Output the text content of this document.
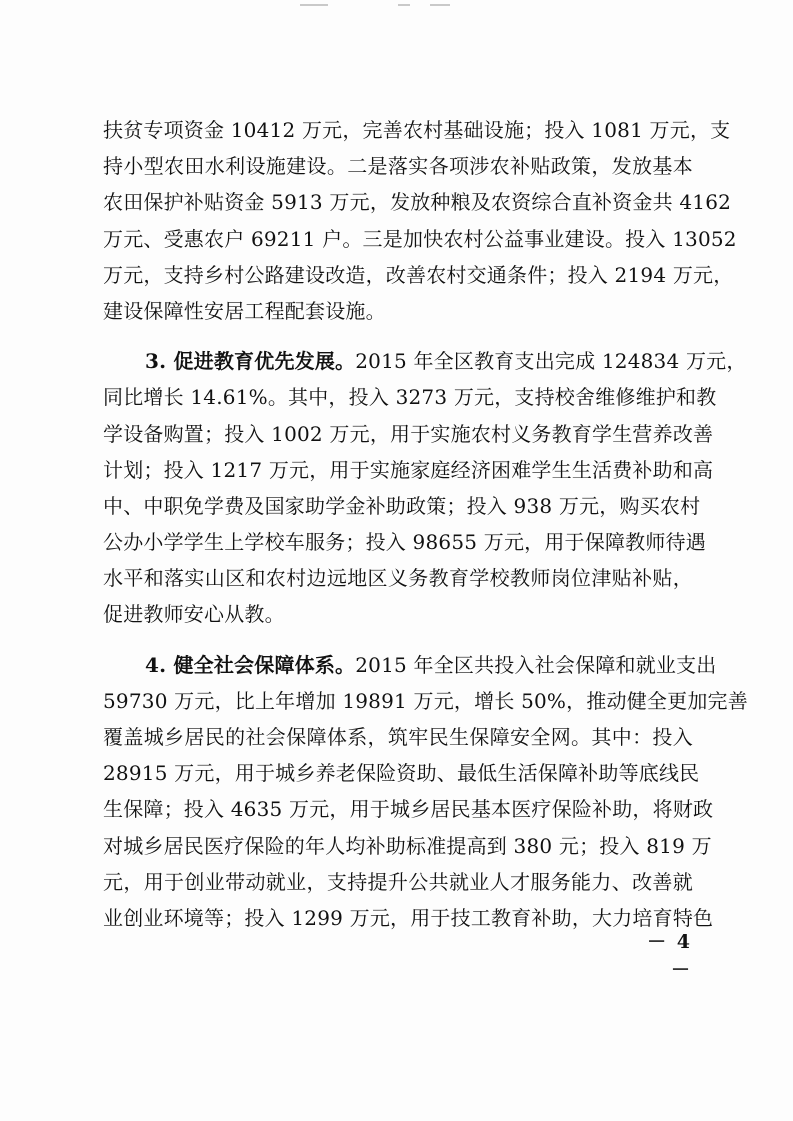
扶贫专项资金 10412 万元，完善农村基础设施；投入 1081 万元，支
持小型农田水利设施建设。二是落实各项涉农补贴政策，发放基本
农田保护补贴资金 5913 万元，发放种粮及农资综合直补资金共 4162
万元、受惠农户 69211 户。三是加快农村公益事业建设。投入 13052
万元，支持乡村公路建设改造，改善农村交通条件；投入 2194 万元，
建设保障性安居工程配套设施。
3. 促进教育优先发展。2015 年全区教育支出完成 124834 万元，
同比增长 14.61%。其中，投入 3273 万元，支持校舍维修维护和教
学设备购置；投入 1002 万元，用于实施农村义务教育学生营养改善
计划；投入 1217 万元，用于实施家庭经济困难学生生活费补助和高
中、中职免学费及国家助学金补助政策；投入 938 万元，购买农村
公办小学学生上学校车服务；投入 98655 万元，用于保障教师待遇
水平和落实山区和农村边远地区义务教育学校教师岗位津贴补贴，
促进教师安心从教。
4. 健全社会保障体系。2015 年全区共投入社会保障和就业支出
59730 万元，比上年增加 19891 万元，增长 50%，推动健全更加完善
覆盖城乡居民的社会保障体系，筑牢民生保障安全网。其中：投入
28915 万元，用于城乡养老保险资助、最低生活保障补助等底线民
生保障；投入 4635 万元，用于城乡居民基本医疗保险补助，将财政
对城乡居民医疗保险的年人均补助标准提高到 380 元；投入 819 万
元，用于创业带动就业，支持提升公共就业人才服务能力、改善就
业创业环境等；投入 1299 万元，用于技工教育补助，大力培育特色
－ 4 －
